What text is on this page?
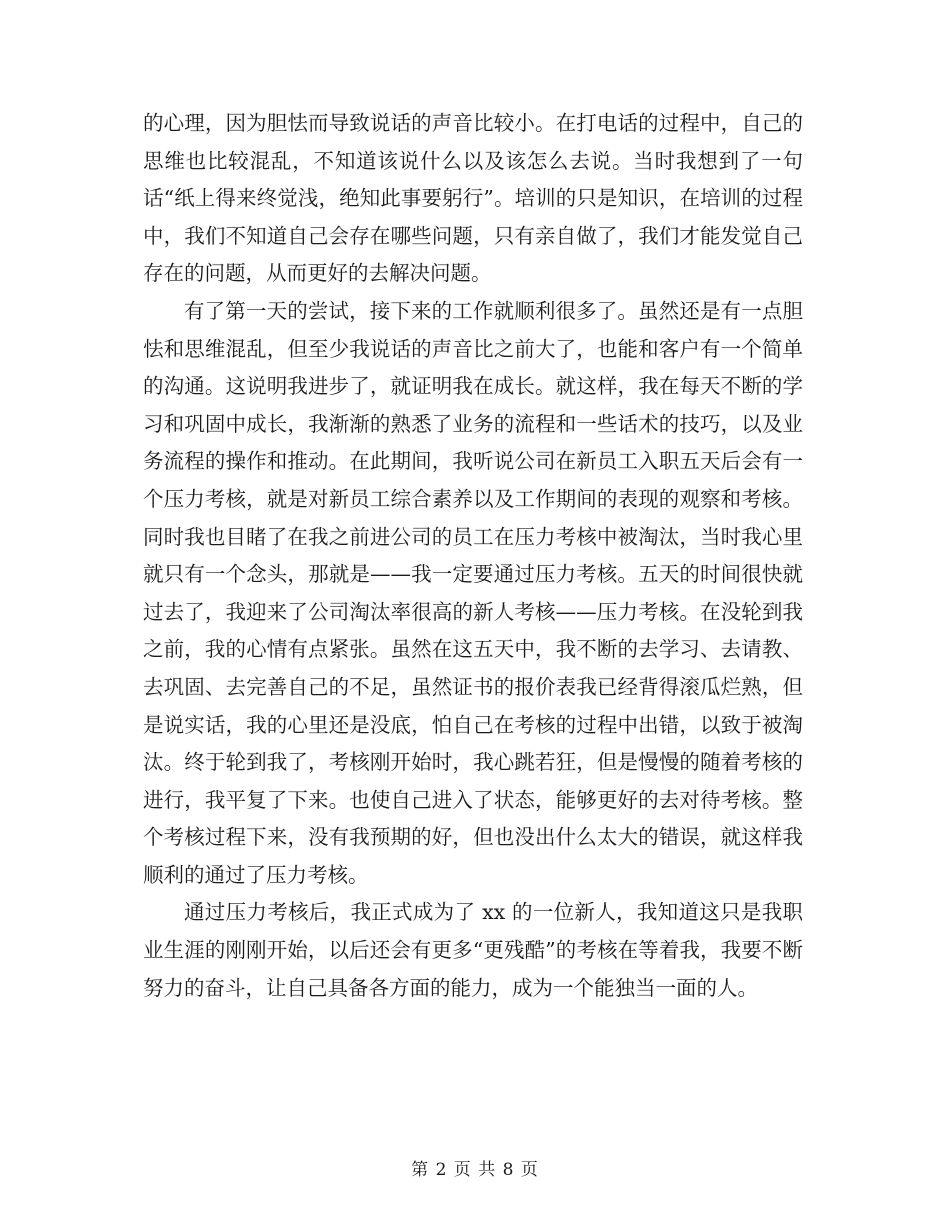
的心理，因为胆怯而导致说话的声音比较小。在打电话的过程中，自己的思维也比较混乱，不知道该说什么以及该怎么去说。当时我想到了一句话“纸上得来终觉浅，绝知此事要躬行”。培训的只是知识，在培训的过程中，我们不知道自己会存在哪些问题，只有亲自做了，我们才能发觉自己存在的问题，从而更好的去解决问题。

有了第一天的尝试，接下来的工作就顺利很多了。虽然还是有一点胆怯和思维混乱，但至少我说话的声音比之前大了，也能和客户有一个简单的沟通。这说明我进步了，就证明我在成长。就这样，我在每天不断的学习和巩固中成长，我渐渐的熟悉了业务的流程和一些话术的技巧，以及业务流程的操作和推动。在此期间，我听说公司在新员工入职五天后会有一个压力考核，就是对新员工综合素养以及工作期间的表现的观察和考核。同时我也目睹了在我之前进公司的员工在压力考核中被淘汰，当时我心里就只有一个念头，那就是——我一定要通过压力考核。五天的时间很快就过去了，我迎来了公司淘汰率很高的新人考核——压力考核。在没轮到我之前，我的心情有点紧张。虽然在这五天中，我不断的去学习、去请教、去巩固、去完善自己的不足，虽然证书的报价表我已经背得滚瓜烂熟，但是说实话，我的心里还是没底，怕自己在考核的过程中出错，以致于被淘汰。终于轮到我了，考核刚开始时，我心跳若狂，但是慢慢的随着考核的进行，我平复了下来。也使自己进入了状态，能够更好的去对待考核。整个考核过程下来，没有我预期的好，但也没出什么太大的错误，就这样我顺利的通过了压力考核。

通过压力考核后，我正式成为了 xx 的一位新人，我知道这只是我职业生涯的刚刚开始，以后还会有更多“更残酷”的考核在等着我，我要不断努力的奋斗，让自己具备各方面的能力，成为一个能独当一面的人。

第 2 页 共 8 页
